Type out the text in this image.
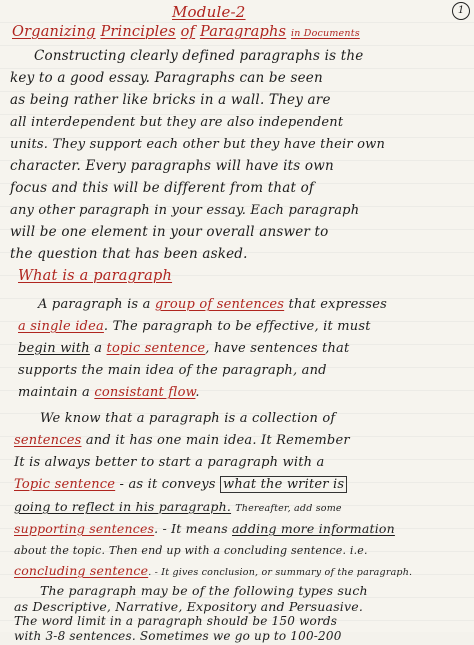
1
Module-2
Organizing Principles of Paragraphs in Documents
Constructing clearly defined paragraphs is the
key to a good essay. Paragraphs can be seen
as being rather like bricks in a wall. They are
all interdependent but they are also independent
units. They support each other but they have their own
character. Every paragraphs will have its own
focus and this will be different from that of
any other paragraph in your essay. Each paragraph
will be one element in your overall answer to
the question that has been asked.
What is a paragraph
A paragraph is a group of sentences that expresses
a single idea. The paragraph to be effective, it must
begin with a topic sentence, have sentences that
supports the main idea of the paragraph, and
maintain a consistant flow.
We know that a paragraph is a collection of
sentences and it has one main idea. It Remember
It is always better to start a paragraph with a
Topic sentence - as it conveys what the writer is
going to reflect in his paragraph. Thereafter, add some
supporting sentences. - It means adding more information
about the topic. Then end up with a concluding sentence. i.e.
concluding sentence. - It gives conclusion, or summary of the paragraph.
The paragraph may be of the following types such
as Descriptive, Narrative, Expository and Persuasive.
The word limit in a paragraph should be 150 words
with 3-8 sentences. Sometimes we go up to 100-200
